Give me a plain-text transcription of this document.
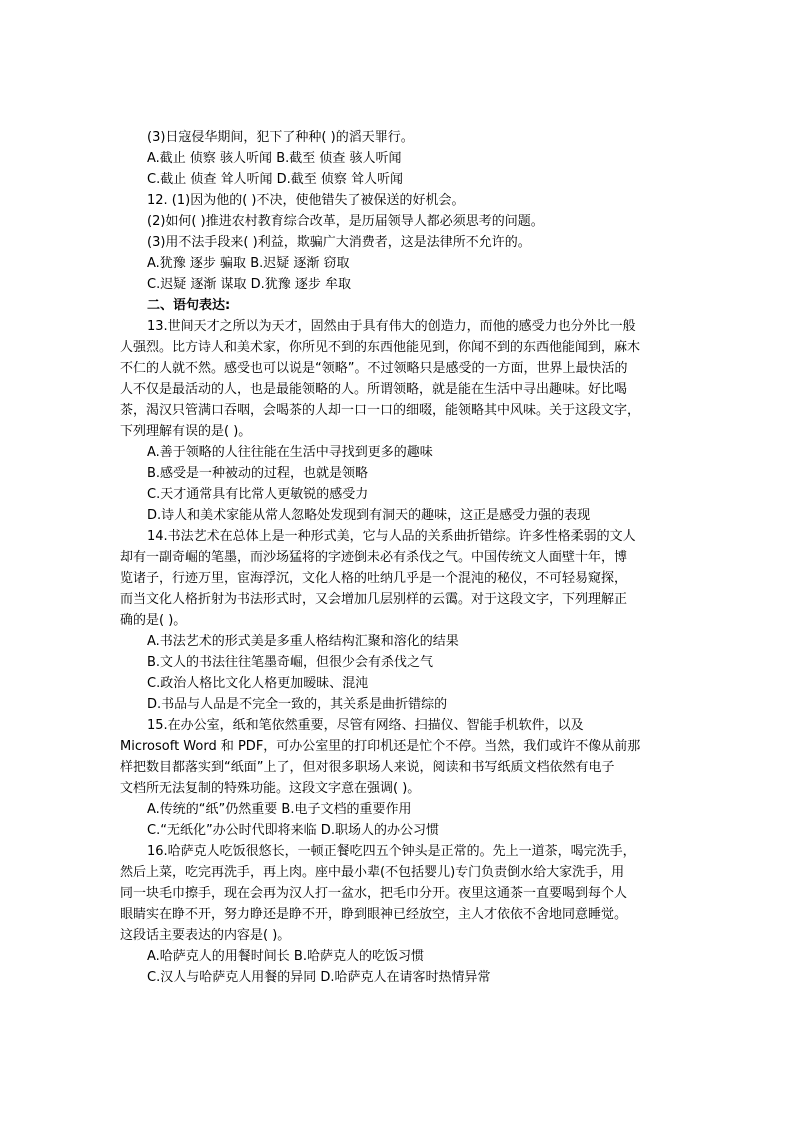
(3)日寇侵华期间，犯下了种种( )的滔天罪行。
A.截止 侦察 骇人听闻 B.截至 侦查 骇人听闻
C.截止 侦查 耸人听闻 D.截至 侦察 耸人听闻
12. (1)因为他的( )不决，使他错失了被保送的好机会。
(2)如何( )推进农村教育综合改革，是历届领导人都必须思考的问题。
(3)用不法手段来( )利益，欺骗广大消费者，这是法律所不允许的。
A.犹豫 逐步 骗取 B.迟疑 逐渐 窃取
C.迟疑 逐渐 谋取 D.犹豫 逐步 牟取
二、语句表达:
13.世间天才之所以为天才，固然由于具有伟大的创造力，而他的感受力也分外比一般
人强烈。比方诗人和美术家，你所见不到的东西他能见到，你闻不到的东西他能闻到，麻木
不仁的人就不然。感受也可以说是“领略”。不过领略只是感受的一方面，世界上最快活的
人不仅是最活动的人，也是最能领略的人。所谓领略，就是能在生活中寻出趣味。好比喝
茶，渴汉只管满口吞咽，会喝茶的人却一口一口的细啜，能领略其中风味。关于这段文字，
下列理解有误的是( )。
A.善于领略的人往往能在生活中寻找到更多的趣味
B.感受是一种被动的过程，也就是领略
C.天才通常具有比常人更敏锐的感受力
D.诗人和美术家能从常人忽略处发现到有洞天的趣味，这正是感受力强的表现
14.书法艺术在总体上是一种形式美，它与人品的关系曲折错综。许多性格柔弱的文人
却有一副奇崛的笔墨，而沙场猛将的字迹倒未必有杀伐之气。中国传统文人面壁十年，博
览诸子，行迹万里，宦海浮沉，文化人格的吐纳几乎是一个混沌的秘仪，不可轻易窥探，
而当文化人格折射为书法形式时，又会增加几层别样的云霭。对于这段文字，下列理解正
确的是( )。
A.书法艺术的形式美是多重人格结构汇聚和溶化的结果
B.文人的书法往往笔墨奇崛，但很少会有杀伐之气
C.政治人格比文化人格更加暧昧、混沌
D.书品与人品是不完全一致的，其关系是曲折错综的
15.在办公室，纸和笔依然重要，尽管有网络、扫描仪、智能手机软件，以及
Microsoft Word 和 PDF，可办公室里的打印机还是忙个不停。当然，我们或许不像从前那
样把数目都落实到“纸面”上了，但对很多职场人来说，阅读和书写纸质文档依然有电子
文档所无法复制的特殊功能。这段文字意在强调( )。
A.传统的“纸”仍然重要 B.电子文档的重要作用
C.“无纸化”办公时代即将来临 D.职场人的办公习惯
16.哈萨克人吃饭很悠长，一顿正餐吃四五个钟头是正常的。先上一道茶，喝完洗手，
然后上菜，吃完再洗手，再上肉。座中最小辈(不包括婴儿)专门负责倒水给大家洗手，用
同一块毛巾擦手，现在会再为汉人打一盆水，把毛巾分开。夜里这通茶一直要喝到每个人
眼睛实在睁不开，努力睁还是睁不开，睁到眼神已经放空，主人才依依不舍地同意睡觉。
这段话主要表达的内容是( )。
A.哈萨克人的用餐时间长 B.哈萨克人的吃饭习惯
C.汉人与哈萨克人用餐的异同 D.哈萨克人在请客时热情异常
